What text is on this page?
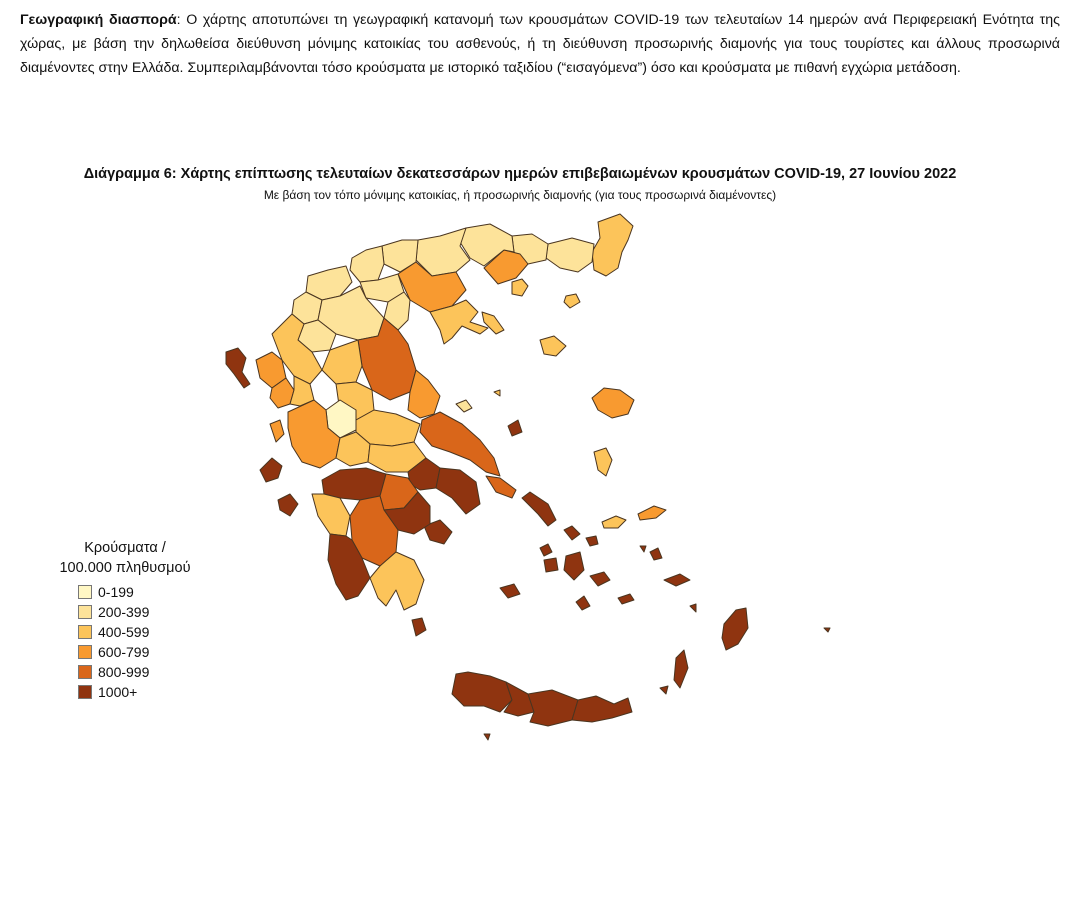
Γεωγραφική διασπορά: Ο χάρτης αποτυπώνει τη γεωγραφική κατανομή των κρουσμάτων COVID-19 των τελευταίων 14 ημερών ανά Περιφερειακή Ενότητα της χώρας, με βάση την δηλωθείσα διεύθυνση μόνιμης κατοικίας του ασθενούς, ή τη διεύθυνση προσωρινής διαμονής για τους τουρίστες και άλλους προσωρινά διαμένοντες στην Ελλάδα. Συμπεριλαμβάνονται τόσο κρούσματα με ιστορικό ταξιδίου (“εισαγόμενα”) όσο και κρούσματα με πιθανή εγχώρια μετάδοση.
Διάγραμμα 6: Χάρτης επίπτωσης τελευταίων δεκατεσσάρων ημερών επιβεβαιωμένων κρουσμάτων COVID-19, 27 Ιουνίου 2022
Με βάση τον τόπο μόνιμης κατοικίας, ή προσωρινής διαμονής (για τους προσωρινά διαμένοντες)
Κρούσματα /
100.000 πληθυσμού
0-199
200-399
400-599
600-799
800-999
1000+
